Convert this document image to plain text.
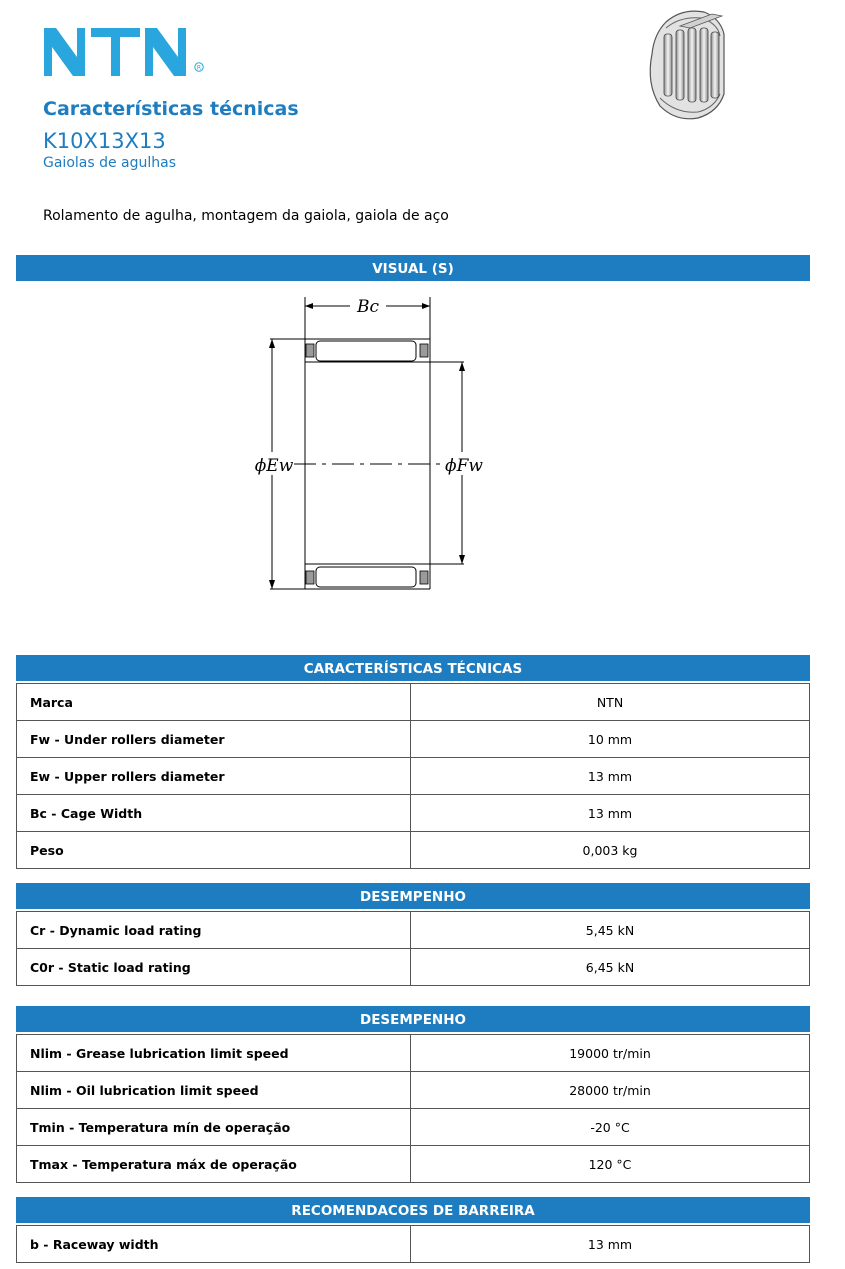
R
Características técnicas
K10X13X13
Gaiolas de agulhas
Rolamento de agulha, montagem da gaiola, gaiola de aço
VISUAL (S)
Bc
ϕEw	ϕFw
CARACTERÍSTICAS TÉCNICAS
Marca	NTN
Fw - Under rollers diameter	10 mm
Ew - Upper rollers diameter	13 mm
Bc - Cage Width	13 mm
Peso	0,003 kg
DESEMPENHO
Cr - Dynamic load rating	5,45 kN
C0r - Static load rating	6,45 kN
DESEMPENHO
Nlim - Grease lubrication limit speed	19000 tr/min
Nlim - Oil lubrication limit speed	28000 tr/min
Tmin - Temperatura mín de operação	-20 °C
Tmax - Temperatura máx de operação	120 °C
RECOMENDACOES DE BARREIRA
b - Raceway width	13 mm
